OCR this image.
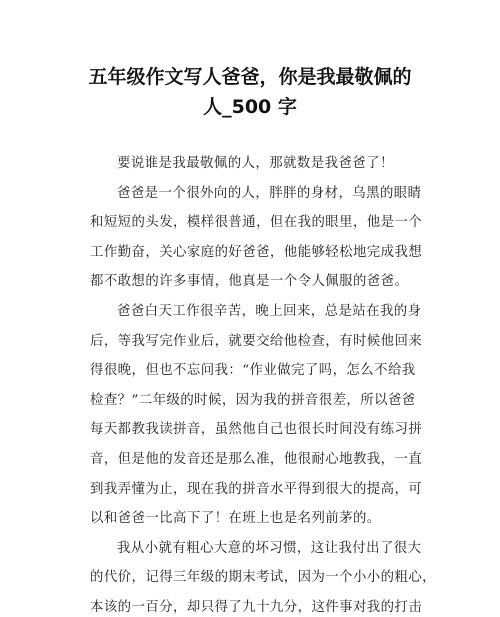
五年级作文写人爸爸，你是我最敬佩的
人_500 字
要说谁是我最敬佩的人，那就数是我爸爸了！
爸爸是一个很外向的人，胖胖的身材，乌黑的眼睛
和短短的头发，模样很普通，但在我的眼里，他是一个
工作勤奋，关心家庭的好爸爸，他能够轻松地完成我想
都不敢想的许多事情，他真是一个令人佩服的爸爸。
爸爸白天工作很辛苦，晚上回来，总是站在我的身
后，等我写完作业后，就要交给他检查，有时候他回来
得很晚，但也不忘问我：“作业做完了吗，怎么不给我
检查？”二年级的时候，因为我的拼音很差，所以爸爸
每天都教我读拼音，虽然他自己也很长时间没有练习拼
音，但是他的发音还是那么准，他很耐心地教我，一直
到我弄懂为止，现在我的拼音水平得到很大的提高，可
以和爸爸一比高下了！在班上也是名列前茅的。
我从小就有粗心大意的坏习惯，这让我付出了很大
的代价，记得三年级的期末考试，因为一个小小的粗心，
本该的一百分，却只得了九十九分，这件事对我的打击
